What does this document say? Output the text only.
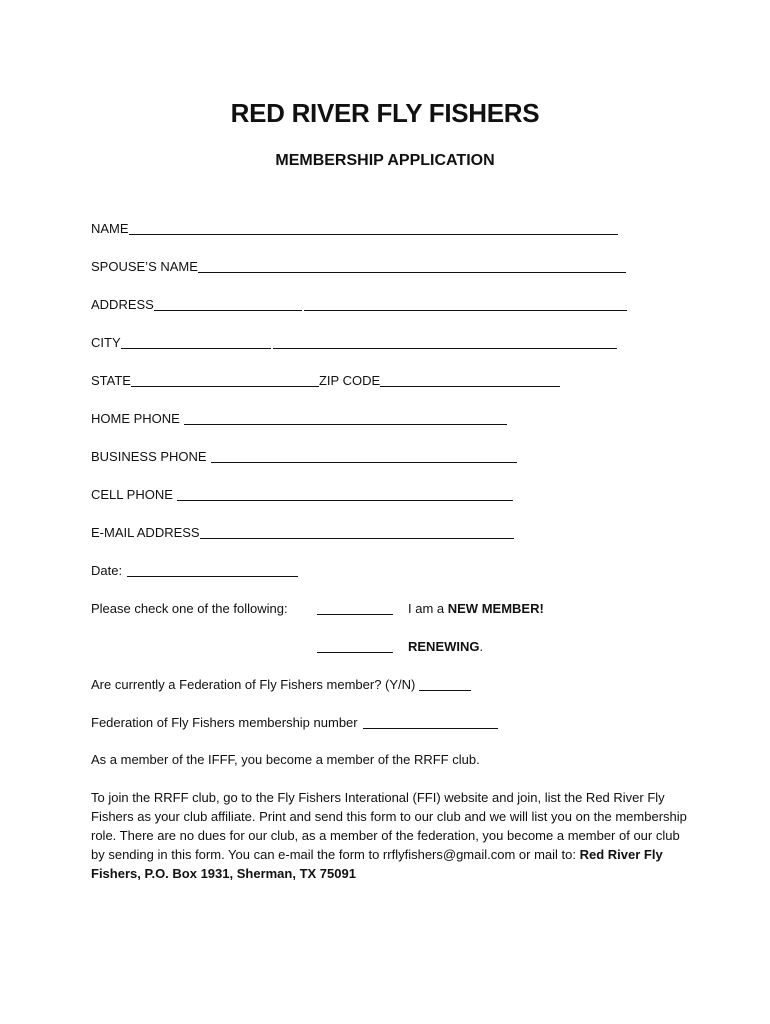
RED RIVER FLY FISHERS
MEMBERSHIP APPLICATION
NAME
SPOUSE’S NAME
ADDRESS
CITY
STATE	ZIP CODE
HOME PHONE
BUSINESS PHONE
CELL PHONE
E-MAIL ADDRESS
Date:
Please check one of the following:	I am a NEW MEMBER!
RENEWING.
Are currently a Federation of Fly Fishers member? (Y/N)
Federation of Fly Fishers membership number
As a member of the IFFF, you become a member of the RRFF club.
To join the RRFF club, go to the Fly Fishers Interational (FFI) website and join, list the Red River Fly Fishers as your club affiliate. Print and send this form to our club and we will list you on the membership role. There are no dues for our club, as a member of the federation, you become a member of our club by sending in this form. You can e-mail the form to rrflyfishers@gmail.com or mail to: Red River Fly Fishers, P.O. Box 1931, Sherman, TX 75091
